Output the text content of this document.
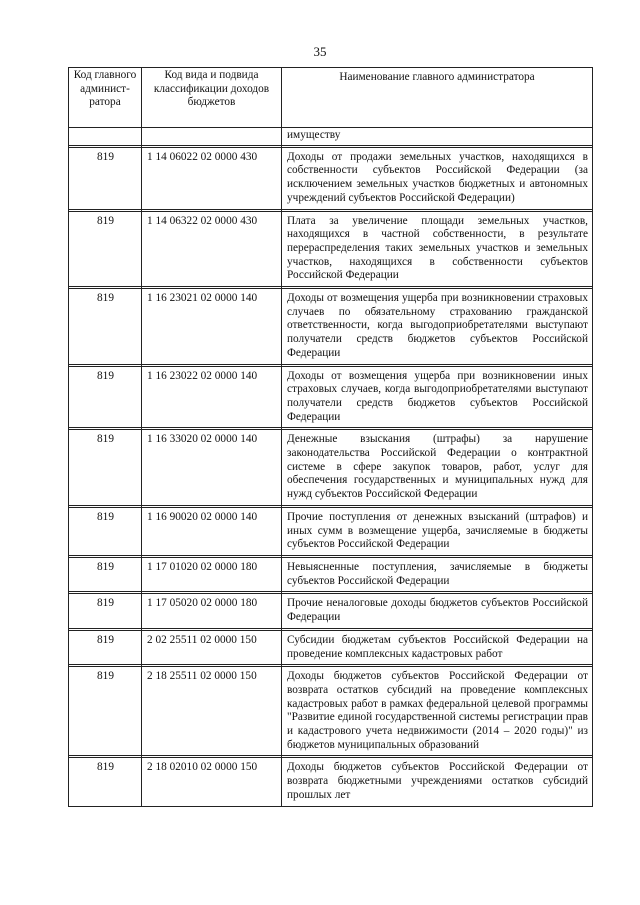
35
Код главного админист-ратора	Код вида и подвида классификации доходов бюджетов	Наименование главного администратора
		имуществу

819	1 14 06022 02 0000 430	Доходы от продажи земельных участков, находящихся в собственности субъектов Российской Федерации (за исключением земельных участков бюджетных и автономных учреждений субъектов Российской Федерации)

819	1 14 06322 02 0000 430	Плата за увеличение площади земельных участков, находящихся в частной собственности, в результате перераспределения таких земельных участков и земельных участков, находящихся в собственности субъектов Российской Федерации

819	1 16 23021 02 0000 140	Доходы от возмещения ущерба при возникновении страховых случаев по обязательному страхованию гражданской ответственности, когда выгодоприобретателями выступают получатели средств бюджетов субъектов Российской Федерации

819	1 16 23022 02 0000 140	Доходы от возмещения ущерба при возникновении иных страховых случаев, когда выгодоприобретателями выступают получатели средств бюджетов субъектов Российской Федерации

819	1 16 33020 02 0000 140	Денежные взыскания (штрафы) за нарушение законодательства Российской Федерации о контрактной системе в сфере закупок товаров, работ, услуг для обеспечения государственных и муниципальных нужд для нужд субъектов Российской Федерации

819	1 16 90020 02 0000 140	Прочие поступления от денежных взысканий (штрафов) и иных сумм в возмещение ущерба, зачисляемые в бюджеты субъектов Российской Федерации

819	1 17 01020 02 0000 180	Невыясненные поступления, зачисляемые в бюджеты субъектов Российской Федерации

819	1 17 05020 02 0000 180	Прочие неналоговые доходы бюджетов субъектов Российской Федерации

819	2 02 25511 02 0000 150	Субсидии бюджетам субъектов Российской Федерации на проведение комплексных кадастровых работ

819	2 18 25511 02 0000 150	Доходы бюджетов субъектов Российской Федерации от возврата остатков субсидий на проведение комплексных кадастровых работ в рамках федеральной целевой программы "Развитие единой государственной системы регистрации прав и кадастрового учета недвижимости (2014 – 2020 годы)" из бюджетов муниципальных образований

819	2 18 02010 02 0000 150	Доходы бюджетов субъектов Российской Федерации от возврата бюджетными учреждениями остатков субсидий прошлых лет
